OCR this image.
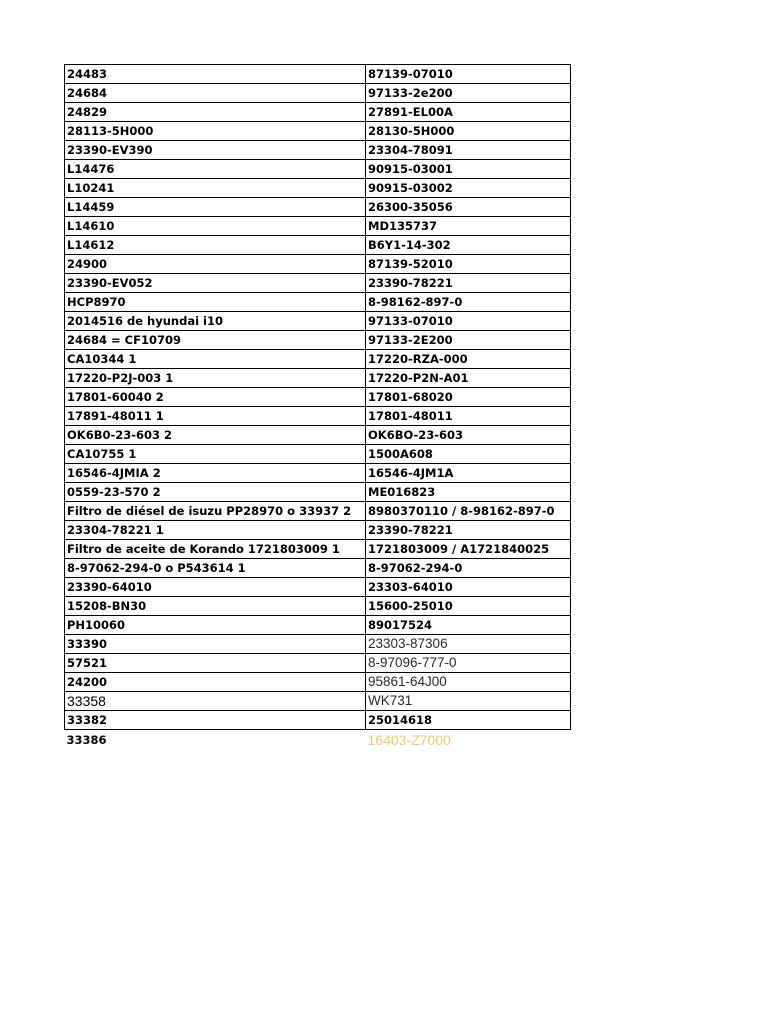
24483	87139-07010
24684	97133-2e200
24829	27891-EL00A
28113-5H000	28130-5H000
23390-EV390	23304-78091
L14476	90915-03001
L10241	90915-03002
L14459	26300-35056
L14610	MD135737
L14612	B6Y1-14-302
24900	87139-52010
23390-EV052	23390-78221
HCP8970	8-98162-897-0
2014516 de hyundai i10	97133-07010
24684 = CF10709	97133-2E200
CA10344 1	17220-RZA-000
17220-P2J-003 1	17220-P2N-A01
17801-60040 2	17801-68020
17891-48011 1	17801-48011
OK6B0-23-603 2	OK6BO-23-603
CA10755 1	1500A608
16546-4JMIA 2	16546-4JM1A
0559-23-570 2	ME016823
Filtro de diésel de isuzu PP28970 o 33937 2	8980370110 / 8-98162-897-0
23304-78221 1	23390-78221
Filtro de aceite de Korando 1721803009 1	1721803009 / A1721840025
8-97062-294-0 o P543614 1	8-97062-294-0
23390-64010	23303-64010
15208-BN30	15600-25010
PH10060	89017524
33390	23303-87306
57521	8-97096-777-0
24200	95861-64J00
33358	WK731
33382	25014618
33386	16403-Z7000
